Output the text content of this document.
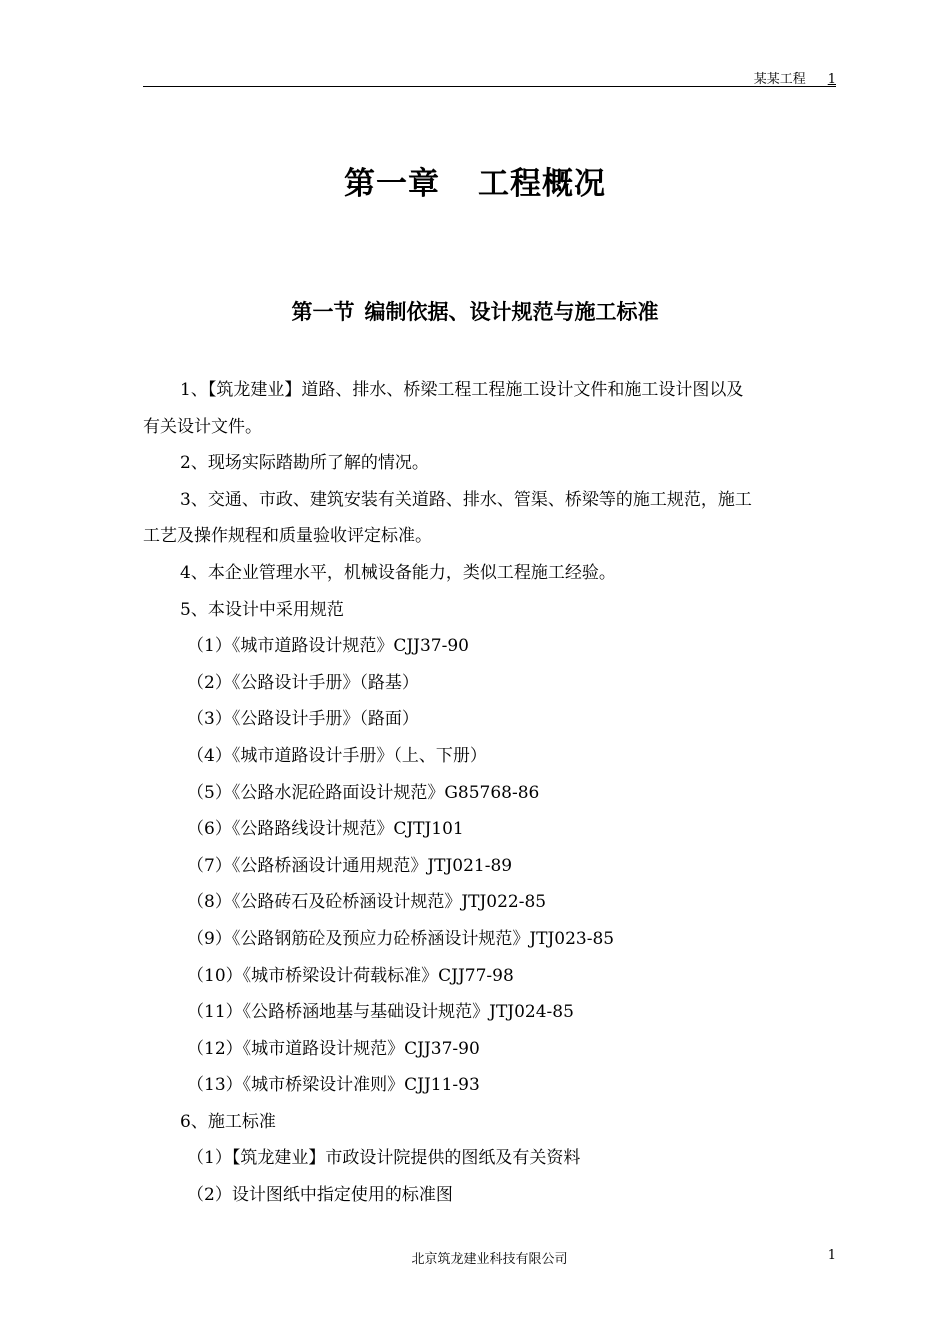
某某工程 1
第一章 工程概况
第一节 编制依据、设计规范与施工标准
1、【筑龙建业】道路、排水、桥梁工程工程施工设计文件和施工设计图以及
有关设计文件。
2、现场实际踏勘所了解的情况。
3、交通、市政、建筑安装有关道路、排水、管渠、桥梁等的施工规范，施工
工艺及操作规程和质量验收评定标准。
4、本企业管理水平，机械设备能力，类似工程施工经验。
5、本设计中采用规范
（1）《城市道路设计规范》CJJ37-90
（2）《公路设计手册》（路基）
（3）《公路设计手册》（路面）
（4）《城市道路设计手册》（上、下册）
（5）《公路水泥砼路面设计规范》G85768-86
（6）《公路路线设计规范》CJTJ101
（7）《公路桥涵设计通用规范》JTJ021-89
（8）《公路砖石及砼桥涵设计规范》JTJ022-85
（9）《公路钢筋砼及预应力砼桥涵设计规范》JTJ023-85
（10）《城市桥梁设计荷载标准》CJJ77-98
（11）《公路桥涵地基与基础设计规范》JTJ024-85
（12）《城市道路设计规范》CJJ37-90
（13）《城市桥梁设计准则》CJJ11-93
6、施工标准
（1）【筑龙建业】市政设计院提供的图纸及有关资料
（2）设计图纸中指定使用的标准图
北京筑龙建业科技有限公司	1
